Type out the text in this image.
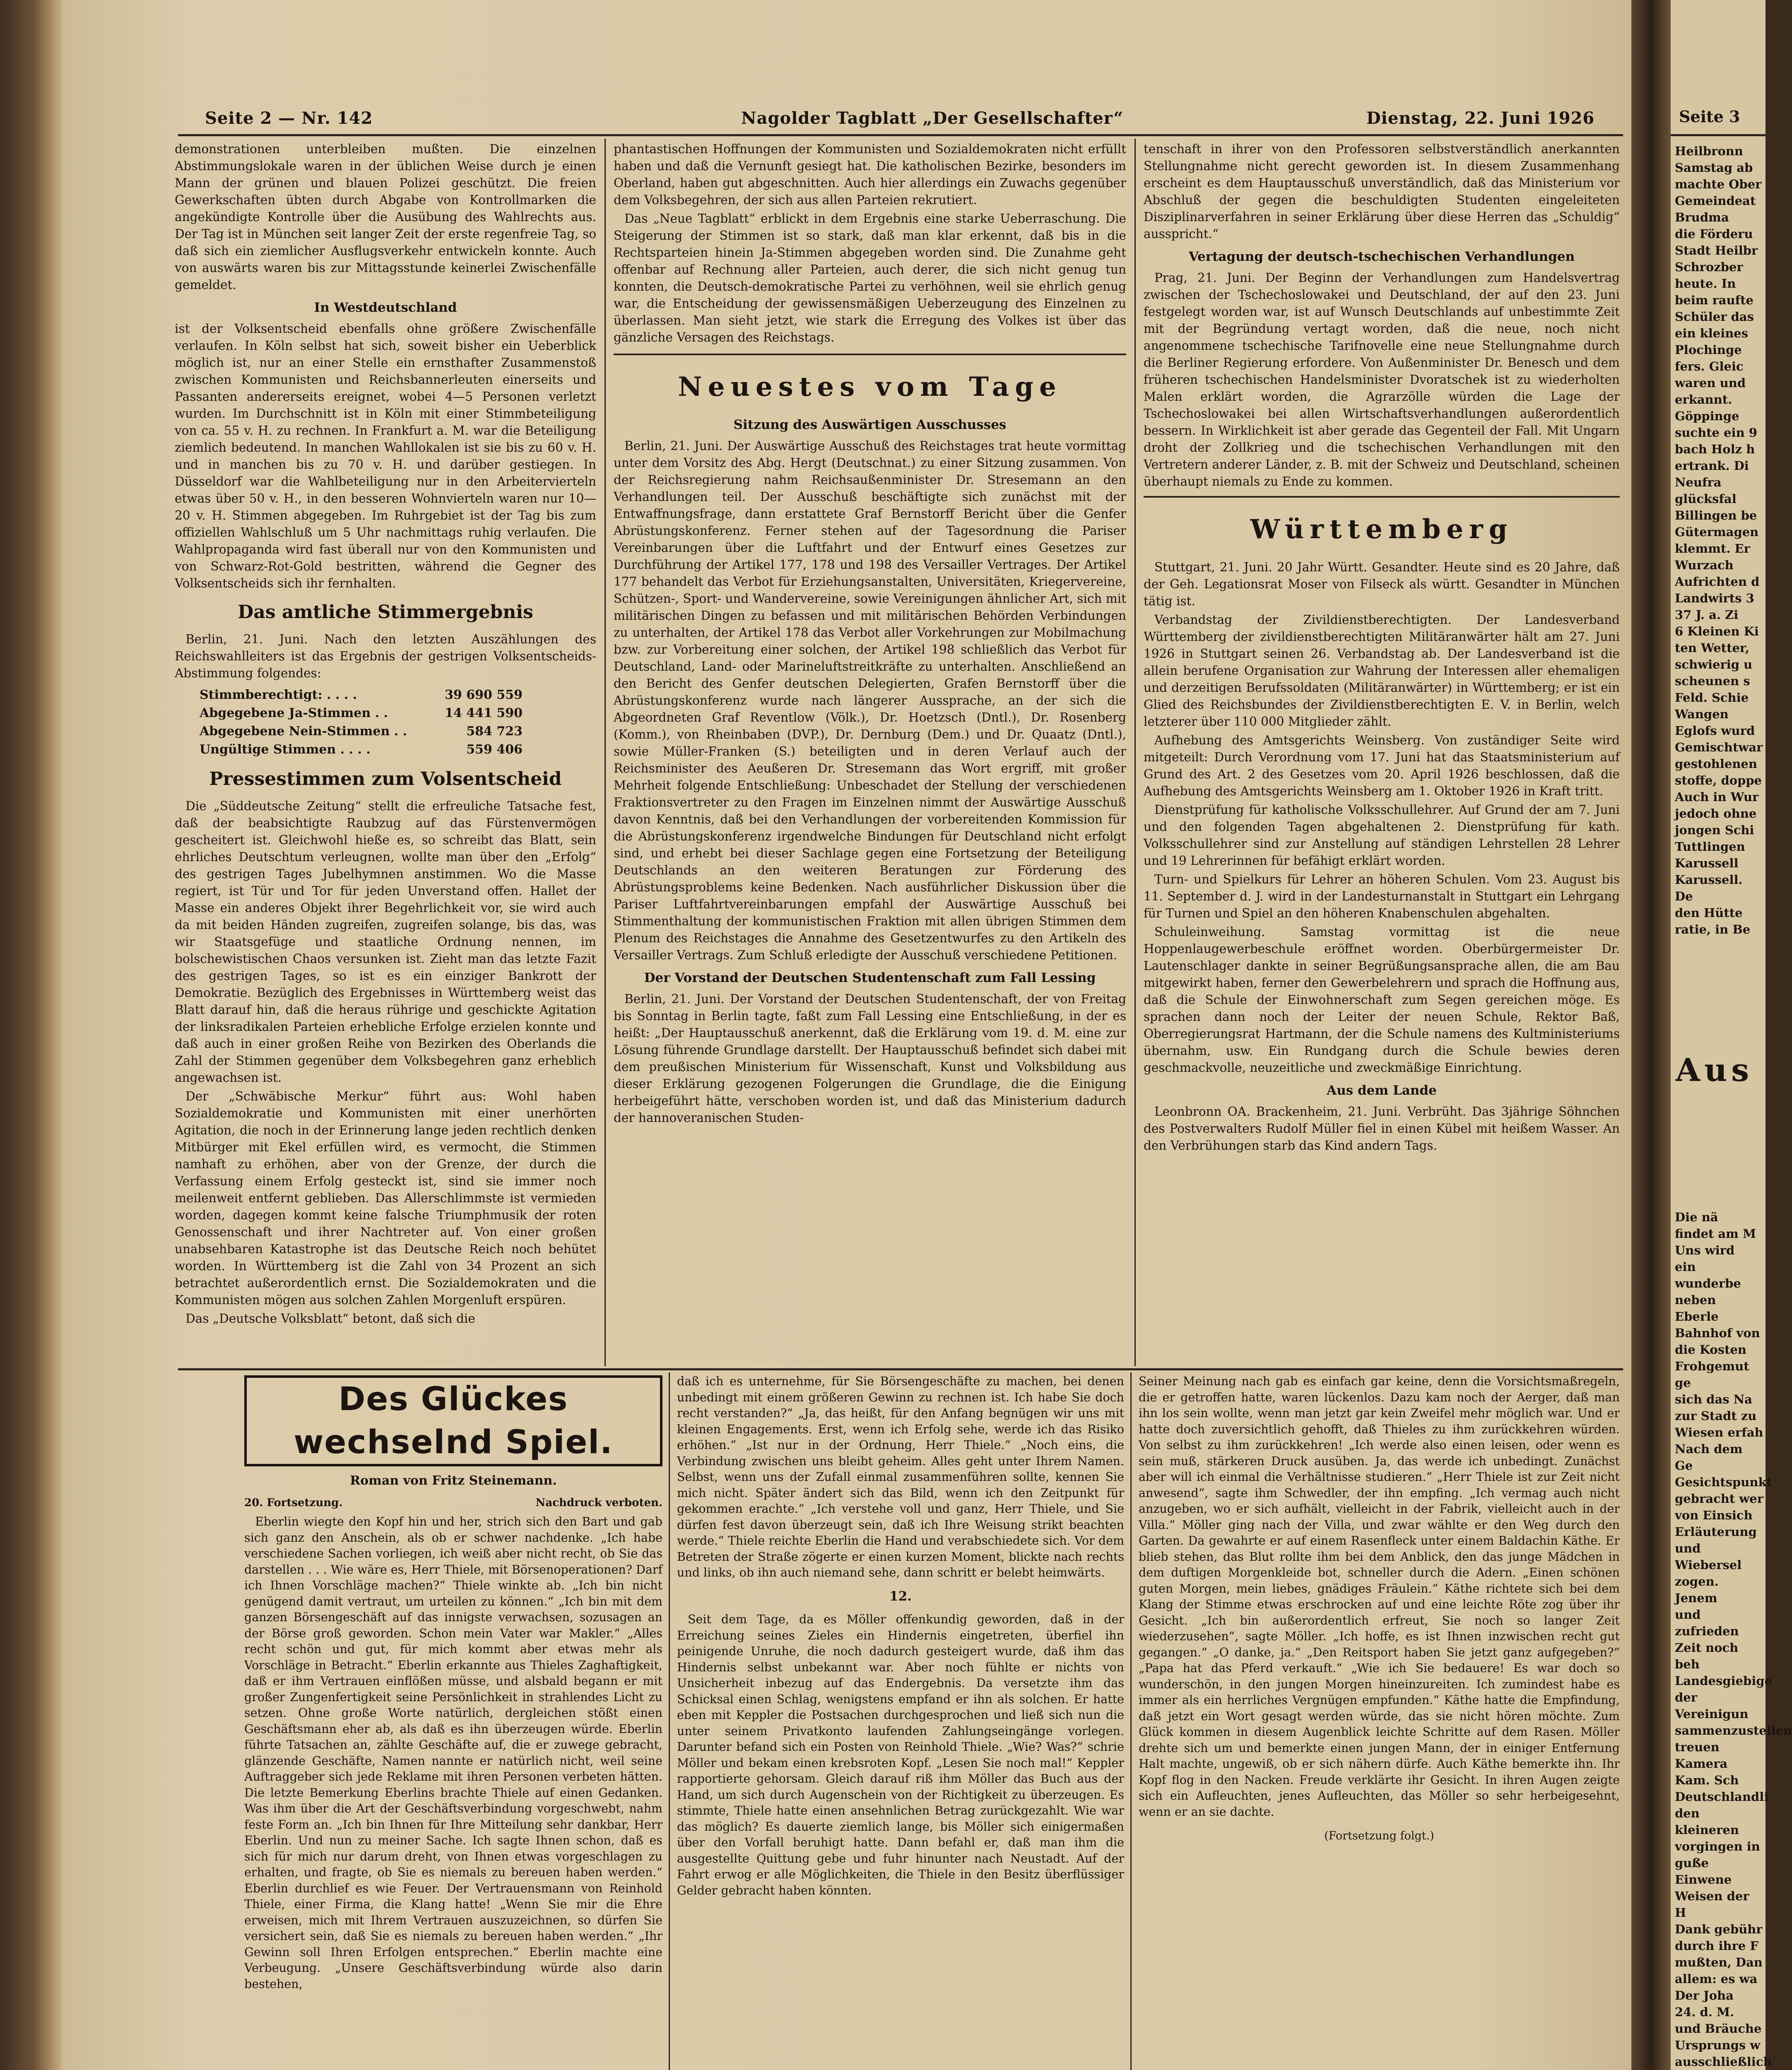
Seite 2 — Nr. 142	Nagolder Tagblatt „Der Gesellschafter“	Dienstag, 22. Juni 1926

demonstrationen unterbleiben mußten. Die einzelnen Abstimmungslokale waren in der üblichen Weise durch je einen Mann der grünen und blauen Polizei geschützt. Die freien Gewerkschaften übten durch Abgabe von Kontrollmarken die angekündigte Kontrolle über die Ausübung des Wahlrechts aus. Der Tag ist in München seit langer Zeit der erste regenfreie Tag, so daß sich ein ziemlicher Ausflugsverkehr entwickeln konnte. Auch von auswärts waren bis zur Mittagsstunde keinerlei Zwischenfälle gemeldet.

In Westdeutschland

ist der Volksentscheid ebenfalls ohne größere Zwischenfälle verlaufen. In Köln selbst hat sich, soweit bisher ein Ueberblick möglich ist, nur an einer Stelle ein ernsthafter Zusammenstoß zwischen Kommunisten und Reichsbannerleuten einerseits und Passanten andererseits ereignet, wobei 4—5 Personen verletzt wurden. Im Durchschnitt ist in Köln mit einer Stimmbeteiligung von ca. 55 v. H. zu rechnen. In Frankfurt a. M. war die Beteiligung ziemlich bedeutend. In manchen Wahllokalen ist sie bis zu 60 v. H. und in manchen bis zu 70 v. H. und darüber gestiegen. In Düsseldorf war die Wahlbeteiligung nur in den Arbeitervierteln etwas über 50 v. H., in den besseren Wohnvierteln waren nur 10—20 v. H. Stimmen abgegeben. Im Ruhrgebiet ist der Tag bis zum offiziellen Wahlschluß um 5 Uhr nachmittags ruhig verlaufen. Die Wahlpropaganda wird fast überall nur von den Kommunisten und von Schwarz-Rot-Gold bestritten, während die Gegner des Volksentscheids sich ihr fernhalten.

Das amtliche Stimmergebnis

Berlin, 21. Juni. Nach den letzten Auszählungen des Reichswahlleiters ist das Ergebnis der gestrigen Volksentscheids-Abstimmung folgendes:

Stimmberechtigt: . . . .	39 690 559
Abgegebene Ja-Stimmen . .	14 441 590
Abgegebene Nein-Stimmen . .	584 723
Ungültige Stimmen . . . .	559 406
Pressestimmen zum Volsentscheid

Die „Süddeutsche Zeitung“ stellt die erfreuliche Tatsache fest, daß der beabsichtigte Raubzug auf das Fürstenvermögen gescheitert ist. Gleichwohl hieße es, so schreibt das Blatt, sein ehrliches Deutschtum verleugnen, wollte man über den „Erfolg“ des gestrigen Tages Jubelhymnen anstimmen. Wo die Masse regiert, ist Tür und Tor für jeden Unverstand offen. Hallet der Masse ein anderes Objekt ihrer Begehrlichkeit vor, sie wird auch da mit beiden Händen zugreifen, zugreifen solange, bis das, was wir Staatsgefüge und staatliche Ordnung nennen, im bolschewistischen Chaos versunken ist. Zieht man das letzte Fazit des gestrigen Tages, so ist es ein einziger Bankrott der Demokratie. Bezüglich des Ergebnisses in Württemberg weist das Blatt darauf hin, daß die heraus rührige und geschickte Agitation der linksradikalen Parteien erhebliche Erfolge erzielen konnte und daß auch in einer großen Reihe von Bezirken des Oberlands die Zahl der Stimmen gegenüber dem Volksbegehren ganz erheblich angewachsen ist.

Der „Schwäbische Merkur“ führt aus: Wohl haben Sozialdemokratie und Kommunisten mit einer unerhörten Agitation, die noch in der Erinnerung lange jeden rechtlich denken Mitbürger mit Ekel erfüllen wird, es vermocht, die Stimmen namhaft zu erhöhen, aber von der Grenze, der durch die Verfassung einem Erfolg gesteckt ist, sind sie immer noch meilenweit entfernt geblieben. Das Allerschlimmste ist vermieden worden, dagegen kommt keine falsche Triumphmusik der roten Genossenschaft und ihrer Nachtreter auf. Von einer großen unabsehbaren Katastrophe ist das Deutsche Reich noch behütet worden. In Württemberg ist die Zahl von 34 Prozent an sich betrachtet außerordentlich ernst. Die Sozialdemokraten und die Kommunisten mögen aus solchen Zahlen Morgenluft erspüren.

Das „Deutsche Volksblatt“ betont, daß sich die

phantastischen Hoffnungen der Kommunisten und Sozialdemokraten nicht erfüllt haben und daß die Vernunft gesiegt hat. Die katholischen Bezirke, besonders im Oberland, haben gut abgeschnitten. Auch hier allerdings ein Zuwachs gegenüber dem Volksbegehren, der sich aus allen Parteien rekrutiert.

Das „Neue Tagblatt“ erblickt in dem Ergebnis eine starke Ueberraschung. Die Steigerung der Stimmen ist so stark, daß man klar erkennt, daß bis in die Rechtsparteien hinein Ja-Stimmen abgegeben worden sind. Die Zunahme geht offenbar auf Rechnung aller Parteien, auch derer, die sich nicht genug tun konnten, die Deutsch-demokratische Partei zu verhöhnen, weil sie ehrlich genug war, die Entscheidung der gewissensmäßigen Ueberzeugung des Einzelnen zu überlassen. Man sieht jetzt, wie stark die Erregung des Volkes ist über das gänzliche Versagen des Reichstags.

Neuestes vom Tage
Sitzung des Auswärtigen Ausschusses

Berlin, 21. Juni. Der Auswärtige Ausschuß des Reichstages trat heute vormittag unter dem Vorsitz des Abg. Hergt (Deutschnat.) zu einer Sitzung zusammen. Von der Reichsregierung nahm Reichsaußenminister Dr. Stresemann an den Verhandlungen teil. Der Ausschuß beschäftigte sich zunächst mit der Entwaffnungsfrage, dann erstattete Graf Bernstorff Bericht über die Genfer Abrüstungskonferenz. Ferner stehen auf der Tagesordnung die Pariser Vereinbarungen über die Luftfahrt und der Entwurf eines Gesetzes zur Durchführung der Artikel 177, 178 und 198 des Versailler Vertrages. Der Artikel 177 behandelt das Verbot für Erziehungsanstalten, Universitäten, Kriegervereine, Schützen-, Sport- und Wandervereine, sowie Vereinigungen ähnlicher Art, sich mit militärischen Dingen zu befassen und mit militärischen Behörden Verbindungen zu unterhalten, der Artikel 178 das Verbot aller Vorkehrungen zur Mobilmachung bzw. zur Vorbereitung einer solchen, der Artikel 198 schließlich das Verbot für Deutschland, Land- oder Marineluftstreitkräfte zu unterhalten. Anschließend an den Bericht des Genfer deutschen Delegierten, Grafen Bernstorff über die Abrüstungskonferenz wurde nach längerer Aussprache, an der sich die Abgeordneten Graf Reventlow (Völk.), Dr. Hoetzsch (Dntl.), Dr. Rosenberg (Komm.), von Rheinbaben (DVP.), Dr. Dernburg (Dem.) und Dr. Quaatz (Dntl.), sowie Müller-Franken (S.) beteiligten und in deren Verlauf auch der Reichsminister des Aeußeren Dr. Stresemann das Wort ergriff, mit großer Mehrheit folgende Entschließung: Unbeschadet der Stellung der verschiedenen Fraktionsvertreter zu den Fragen im Einzelnen nimmt der Auswärtige Ausschuß davon Kenntnis, daß bei den Verhandlungen der vorbereitenden Kommission für die Abrüstungskonferenz irgendwelche Bindungen für Deutschland nicht erfolgt sind, und erhebt bei dieser Sachlage gegen eine Fortsetzung der Beteiligung Deutschlands an den weiteren Beratungen zur Förderung des Abrüstungsproblems keine Bedenken. Nach ausführlicher Diskussion über die Pariser Luftfahrtvereinbarungen empfahl der Auswärtige Ausschuß bei Stimmenthaltung der kommunistischen Fraktion mit allen übrigen Stimmen dem Plenum des Reichstages die Annahme des Gesetzentwurfes zu den Artikeln des Versailler Vertrags. Zum Schluß erledigte der Ausschuß verschiedene Petitionen.

Der Vorstand der Deutschen Studentenschaft zum Fall Lessing

Berlin, 21. Juni. Der Vorstand der Deutschen Studentenschaft, der von Freitag bis Sonntag in Berlin tagte, faßt zum Fall Lessing eine Entschließung, in der es heißt: „Der Hauptausschuß anerkennt, daß die Erklärung vom 19. d. M. eine zur Lösung führende Grundlage darstellt. Der Hauptausschuß befindet sich dabei mit dem preußischen Ministerium für Wissenschaft, Kunst und Volksbildung aus dieser Erklärung gezogenen Folgerungen die Grundlage, die die Einigung herbeigeführt hätte, verschoben worden ist, und daß das Ministerium dadurch der hannoveranischen Studen-

tenschaft in ihrer von den Professoren selbstverständlich anerkannten Stellungnahme nicht gerecht geworden ist. In diesem Zusammenhang erscheint es dem Hauptausschuß unverständlich, daß das Ministerium vor Abschluß der gegen die beschuldigten Studenten eingeleiteten Disziplinarverfahren in seiner Erklärung über diese Herren das „Schuldig“ ausspricht.“

Vertagung der deutsch-tschechischen Verhandlungen

Prag, 21. Juni. Der Beginn der Verhandlungen zum Handelsvertrag zwischen der Tschechoslowakei und Deutschland, der auf den 23. Juni festgelegt worden war, ist auf Wunsch Deutschlands auf unbestimmte Zeit mit der Begründung vertagt worden, daß die neue, noch nicht angenommene tschechische Tarifnovelle eine neue Stellungnahme durch die Berliner Regierung erfordere. Von Außenminister Dr. Benesch und dem früheren tschechischen Handelsminister Dvoratschek ist zu wiederholten Malen erklärt worden, die Agrarzölle würden die Lage der Tschechoslowakei bei allen Wirtschaftsverhandlungen außerordentlich bessern. In Wirklichkeit ist aber gerade das Gegenteil der Fall. Mit Ungarn droht der Zollkrieg und die tschechischen Verhandlungen mit den Vertretern anderer Länder, z. B. mit der Schweiz und Deutschland, scheinen überhaupt niemals zu Ende zu kommen.

Württemberg

Stuttgart, 21. Juni. 20 Jahr Württ. Gesandter. Heute sind es 20 Jahre, daß der Geh. Legationsrat Moser von Filseck als württ. Gesandter in München tätig ist.

Verbandstag der Zivildienstberechtigten. Der Landesverband Württemberg der zivildienstberechtigten Militäranwärter hält am 27. Juni 1926 in Stuttgart seinen 26. Verbandstag ab. Der Landesverband ist die allein berufene Organisation zur Wahrung der Interessen aller ehemaligen und derzeitigen Berufssoldaten (Militäranwärter) in Württemberg; er ist ein Glied des Reichsbundes der Zivildienstberechtigten E. V. in Berlin, welch letzterer über 110 000 Mitglieder zählt.

Aufhebung des Amtsgerichts Weinsberg. Von zuständiger Seite wird mitgeteilt: Durch Verordnung vom 17. Juni hat das Staatsministerium auf Grund des Art. 2 des Gesetzes vom 20. April 1926 beschlossen, daß die Aufhebung des Amtsgerichts Weinsberg am 1. Oktober 1926 in Kraft tritt.

Dienstprüfung für katholische Volksschullehrer. Auf Grund der am 7. Juni und den folgenden Tagen abgehaltenen 2. Dienstprüfung für kath. Volksschullehrer sind zur Anstellung auf ständigen Lehrstellen 28 Lehrer und 19 Lehrerinnen für befähigt erklärt worden.

Turn- und Spielkurs für Lehrer an höheren Schulen. Vom 23. August bis 11. September d. J. wird in der Landesturnanstalt in Stuttgart ein Lehrgang für Turnen und Spiel an den höheren Knabenschulen abgehalten.

Schuleinweihung. Samstag vormittag ist die neue Hoppenlaugewerbeschule eröffnet worden. Oberbürgermeister Dr. Lautenschlager dankte in seiner Begrüßungsansprache allen, die am Bau mitgewirkt haben, ferner den Gewerbelehrern und sprach die Hoffnung aus, daß die Schule der Einwohnerschaft zum Segen gereichen möge. Es sprachen dann noch der Leiter der neuen Schule, Rektor Baß, Oberregierungsrat Hartmann, der die Schule namens des Kultministeriums übernahm, usw. Ein Rundgang durch die Schule bewies deren geschmackvolle, neuzeitliche und zweckmäßige Einrichtung.

Aus dem Lande

Leonbronn OA. Brackenheim, 21. Juni. Verbrüht. Das 3jährige Söhnchen des Postverwalters Rudolf Müller fiel in einen Kübel mit heißem Wasser. An den Verbrühungen starb das Kind andern Tags.

Des Glückes wechselnd Spiel.
Roman von Fritz Steinemann.
20. Fortsetzung.	Nachdruck verboten.

Eberlin wiegte den Kopf hin und her, strich sich den Bart und gab sich ganz den Anschein, als ob er schwer nachdenke. „Ich habe verschiedene Sachen vorliegen, ich weiß aber nicht recht, ob Sie das darstellen . . . Wie wäre es, Herr Thiele, mit Börsenoperationen? Darf ich Ihnen Vorschläge machen?“ Thiele winkte ab. „Ich bin nicht genügend damit vertraut, um urteilen zu können.“ „Ich bin mit dem ganzen Börsengeschäft auf das innigste verwachsen, sozusagen an der Börse groß geworden. Schon mein Vater war Makler.“ „Alles recht schön und gut, für mich kommt aber etwas mehr als Vorschläge in Betracht.“ Eberlin erkannte aus Thieles Zaghaftigkeit, daß er ihm Vertrauen einflößen müsse, und alsbald begann er mit großer Zungenfertigkeit seine Persönlichkeit in strahlendes Licht zu setzen. Ohne große Worte natürlich, dergleichen stößt einen Geschäftsmann eher ab, als daß es ihn überzeugen würde. Eberlin führte Tatsachen an, zählte Geschäfte auf, die er zuwege gebracht, glänzende Geschäfte, Namen nannte er natürlich nicht, weil seine Auftraggeber sich jede Reklame mit ihren Personen verbeten hätten. Die letzte Bemerkung Eberlins brachte Thiele auf einen Gedanken. Was ihm über die Art der Geschäftsverbindung vorgeschwebt, nahm feste Form an. „Ich bin Ihnen für Ihre Mitteilung sehr dankbar, Herr Eberlin. Und nun zu meiner Sache. Ich sagte Ihnen schon, daß es sich für mich nur darum dreht, von Ihnen etwas vorgeschlagen zu erhalten, und fragte, ob Sie es niemals zu bereuen haben werden.“ Eberlin durchlief es wie Feuer. Der Vertrauensmann von Reinhold Thiele, einer Firma, die Klang hatte! „Wenn Sie mir die Ehre erweisen, mich mit Ihrem Vertrauen auszuzeichnen, so dürfen Sie versichert sein, daß Sie es niemals zu bereuen haben werden.“ „Ihr Gewinn soll Ihren Erfolgen entsprechen.“ Eberlin machte eine Verbeugung. „Unsere Geschäftsverbindung würde also darin bestehen,

daß ich es unternehme, für Sie Börsengeschäfte zu machen, bei denen unbedingt mit einem größeren Gewinn zu rechnen ist. Ich habe Sie doch recht verstanden?“ „Ja, das heißt, für den Anfang begnügen wir uns mit kleinen Engagements. Erst, wenn ich Erfolg sehe, werde ich das Risiko erhöhen.“ „Ist nur in der Ordnung, Herr Thiele.“ „Noch eins, die Verbindung zwischen uns bleibt geheim. Alles geht unter Ihrem Namen. Selbst, wenn uns der Zufall einmal zusammenführen sollte, kennen Sie mich nicht. Später ändert sich das Bild, wenn ich den Zeitpunkt für gekommen erachte.“ „Ich verstehe voll und ganz, Herr Thiele, und Sie dürfen fest davon überzeugt sein, daß ich Ihre Weisung strikt beachten werde.“ Thiele reichte Eberlin die Hand und verabschiedete sich. Vor dem Betreten der Straße zögerte er einen kurzen Moment, blickte nach rechts und links, ob ihn auch niemand sehe, dann schritt er belebt heimwärts.

12.

Seit dem Tage, da es Möller offenkundig geworden, daß in der Erreichung seines Zieles ein Hindernis eingetreten, überfiel ihn peinigende Unruhe, die noch dadurch gesteigert wurde, daß ihm das Hindernis selbst unbekannt war. Aber noch fühlte er nichts von Unsicherheit inbezug auf das Endergebnis. Da versetzte ihm das Schicksal einen Schlag, wenigstens empfand er ihn als solchen. Er hatte eben mit Keppler die Postsachen durchgesprochen und ließ sich nun die unter seinem Privatkonto laufenden Zahlungseingänge vorlegen. Darunter befand sich ein Posten von Reinhold Thiele. „Wie? Was?“ schrie Möller und bekam einen krebsroten Kopf. „Lesen Sie noch mal!“ Keppler rapportierte gehorsam. Gleich darauf riß ihm Möller das Buch aus der Hand, um sich durch Augenschein von der Richtigkeit zu überzeugen. Es stimmte, Thiele hatte einen ansehnlichen Betrag zurückgezahlt. Wie war das möglich? Es dauerte ziemlich lange, bis Möller sich einigermaßen über den Vorfall beruhigt hatte. Dann befahl er, daß man ihm die ausgestellte Quittung gebe und fuhr hinunter nach Neustadt. Auf der Fahrt erwog er alle Möglichkeiten, die Thiele in den Besitz überflüssiger Gelder gebracht haben könnten.

Seiner Meinung nach gab es einfach gar keine, denn die Vorsichtsmaßregeln, die er getroffen hatte, waren lückenlos. Dazu kam noch der Aerger, daß man ihn los sein wollte, wenn man jetzt gar kein Zweifel mehr möglich war. Und er hatte doch zuversichtlich gehofft, daß Thieles zu ihm zurückkehren würden. Von selbst zu ihm zurückkehren! „Ich werde also einen leisen, oder wenn es sein muß, stärkeren Druck ausüben. Ja, das werde ich unbedingt. Zunächst aber will ich einmal die Verhältnisse studieren.“ „Herr Thiele ist zur Zeit nicht anwesend“, sagte ihm Schwedler, der ihn empfing. „Ich vermag auch nicht anzugeben, wo er sich aufhält, vielleicht in der Fabrik, vielleicht auch in der Villa.“ Möller ging nach der Villa, und zwar wählte er den Weg durch den Garten. Da gewahrte er auf einem Rasenfleck unter einem Baldachin Käthe. Er blieb stehen, das Blut rollte ihm bei dem Anblick, den das junge Mädchen in dem duftigen Morgenkleide bot, schneller durch die Adern. „Einen schönen guten Morgen, mein liebes, gnädiges Fräulein.“ Käthe richtete sich bei dem Klang der Stimme etwas erschrocken auf und eine leichte Röte zog über ihr Gesicht. „Ich bin außerordentlich erfreut, Sie noch so langer Zeit wiederzusehen“, sagte Möller. „Ich hoffe, es ist Ihnen inzwischen recht gut gegangen.“ „O danke, ja.“ „Den Reitsport haben Sie jetzt ganz aufgegeben?“ „Papa hat das Pferd verkauft.“ „Wie ich Sie bedauere! Es war doch so wunderschön, in den jungen Morgen hineinzureiten. Ich zumindest habe es immer als ein herrliches Vergnügen empfunden.“ Käthe hatte die Empfindung, daß jetzt ein Wort gesagt werden würde, das sie nicht hören möchte. Zum Glück kommen in diesem Augenblick leichte Schritte auf dem Rasen. Möller drehte sich um und bemerkte einen jungen Mann, der in einiger Entfernung Halt machte, ungewiß, ob er sich nähern dürfe. Auch Käthe bemerkte ihn. Ihr Kopf flog in den Nacken. Freude verklärte ihr Gesicht. In ihren Augen zeigte sich ein Aufleuchten, jenes Aufleuchten, das Möller so sehr herbeigesehnt, wenn er an sie dachte.

(Fortsetzung folgt.)
Seite 3
Heilbronn
Samstag ab
machte Ober
Gemeindeat
Brudma
die Förderu
Stadt Heilbr
Schrozber
heute. In
beim raufte
Schüler das
ein kleines
Plochinge
fers. Gleic
waren und
erkannt.
Göppinge
suchte ein 9
bach Holz h
ertrank. Di
Neufra
glücksfal
Billingen be
Gütermagen
klemmt. Er
Wurzach
Aufrichten d
Landwirts 3
37 J. a. Zi
6 Kleinen Ki
ten Wetter,
schwierig u
scheunen s
Feld. Schie
Wangen
Eglofs wurd
Gemischtwar
gestohlenen
stoffe, doppe
Auch in Wur
jedoch ohne
jongen Schi
Tuttlingen
Karussell
Karussell. De
den Hütte
ratie, in Be
Aus
Die nä
findet am M
Uns wird
ein wunderbe
neben Eberle
Bahnhof von
die Kosten
Frohgemut ge
sich das Na
zur Stadt zu
Wiesen erfah
Nach dem Ge
Gesichtspunkt
gebracht wer
von Einsich
Erläuterung
und Wiebersel
zogen. Jenem
und zufrieden
Zeit noch beh
Landesgiebige
der Vereinigun
sammenzustellen
treuen Kamera
Kam. Sch
Deutschlandli
den kleineren
vorgingen in
guße Einwene
Weisen der H
Dank gebühr
durch ihre F
mußten, Dan
allem: es wa
Der Joha
24. d. M.
und Bräuche
Ursprungs w
ausschließlich
